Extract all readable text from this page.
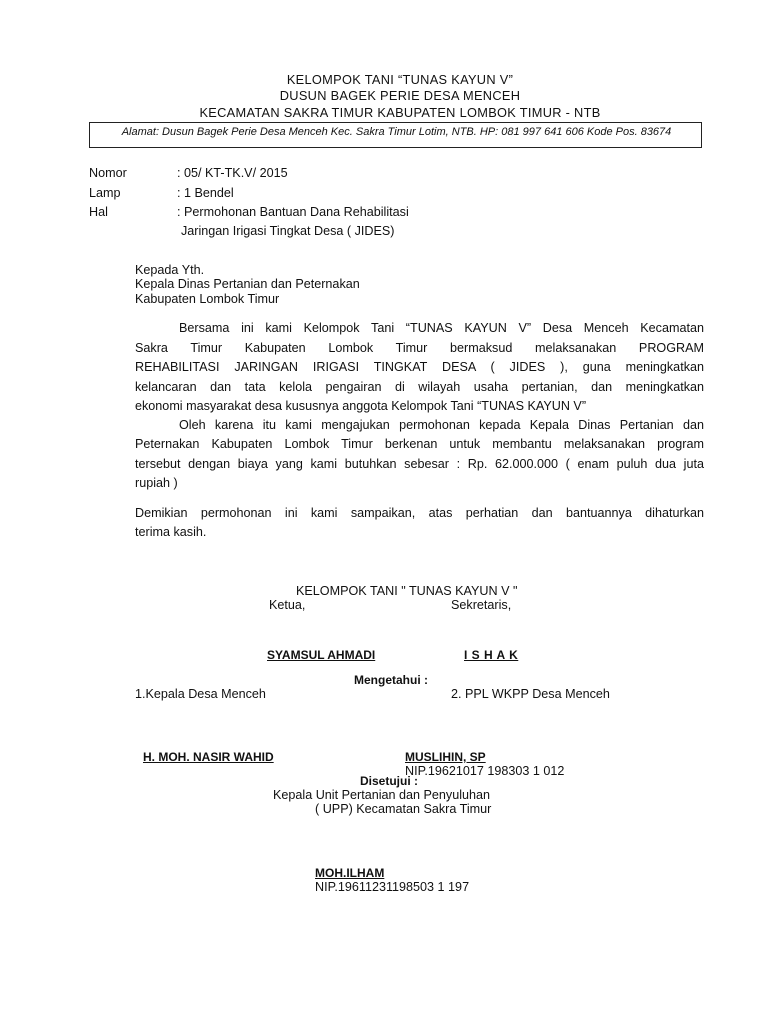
KELOMPOK TANI “TUNAS KAYUN V”
DUSUN BAGEK PERIE DESA MENCEH
KECAMATAN SAKRA TIMUR KABUPATEN LOMBOK TIMUR - NTB
Alamat: Dusun Bagek Perie Desa Menceh Kec. Sakra Timur Lotim, NTB. HP: 081 997 641 606 Kode Pos. 83674
Nomor	: 05/ KT-TK.V/ 2015
Lamp	: 1 Bendel
Hal	: Permohonan Bantuan Dana Rehabilitasi
Jaringan Irigasi Tingkat Desa ( JIDES)
Kepada Yth.
Kepala Dinas Pertanian dan Peternakan
Kabupaten Lombok Timur
Bersama ini kami Kelompok Tani “TUNAS KAYUN V” Desa Menceh Kecamatan
Sakra Timur Kabupaten Lombok Timur bermaksud melaksanakan PROGRAM
REHABILITASI JARINGAN IRIGASI TINGKAT DESA ( JIDES ), guna meningkatkan
kelancaran dan tata kelola pengairan di wilayah usaha pertanian, dan meningkatkan
ekonomi masyarakat desa kususnya anggota Kelompok Tani “TUNAS KAYUN V”
Oleh karena itu kami mengajukan permohonan kepada Kepala Dinas Pertanian dan
Peternakan Kabupaten Lombok Timur berkenan untuk membantu melaksanakan program
tersebut dengan biaya yang kami butuhkan sebesar : Rp. 62.000.000 ( enam puluh dua juta
rupiah )
Demikian permohonan ini kami sampaikan, atas perhatian dan bantuannya dihaturkan
terima kasih.
KELOMPOK TANI " TUNAS KAYUN V "
Ketua,	Sekretaris,
SYAMSUL AHMADI	I S H A K
Mengetahui :
1.Kepala Desa Menceh	2. PPL WKPP Desa Menceh
H. MOH. NASIR WAHID	MUSLIHIN, SP
NIP.19621017 198303 1 012
Disetujui :
Kepala Unit Pertanian dan Penyuluhan
( UPP) Kecamatan Sakra Timur
MOH.ILHAM
NIP.19611231198503 1 197
